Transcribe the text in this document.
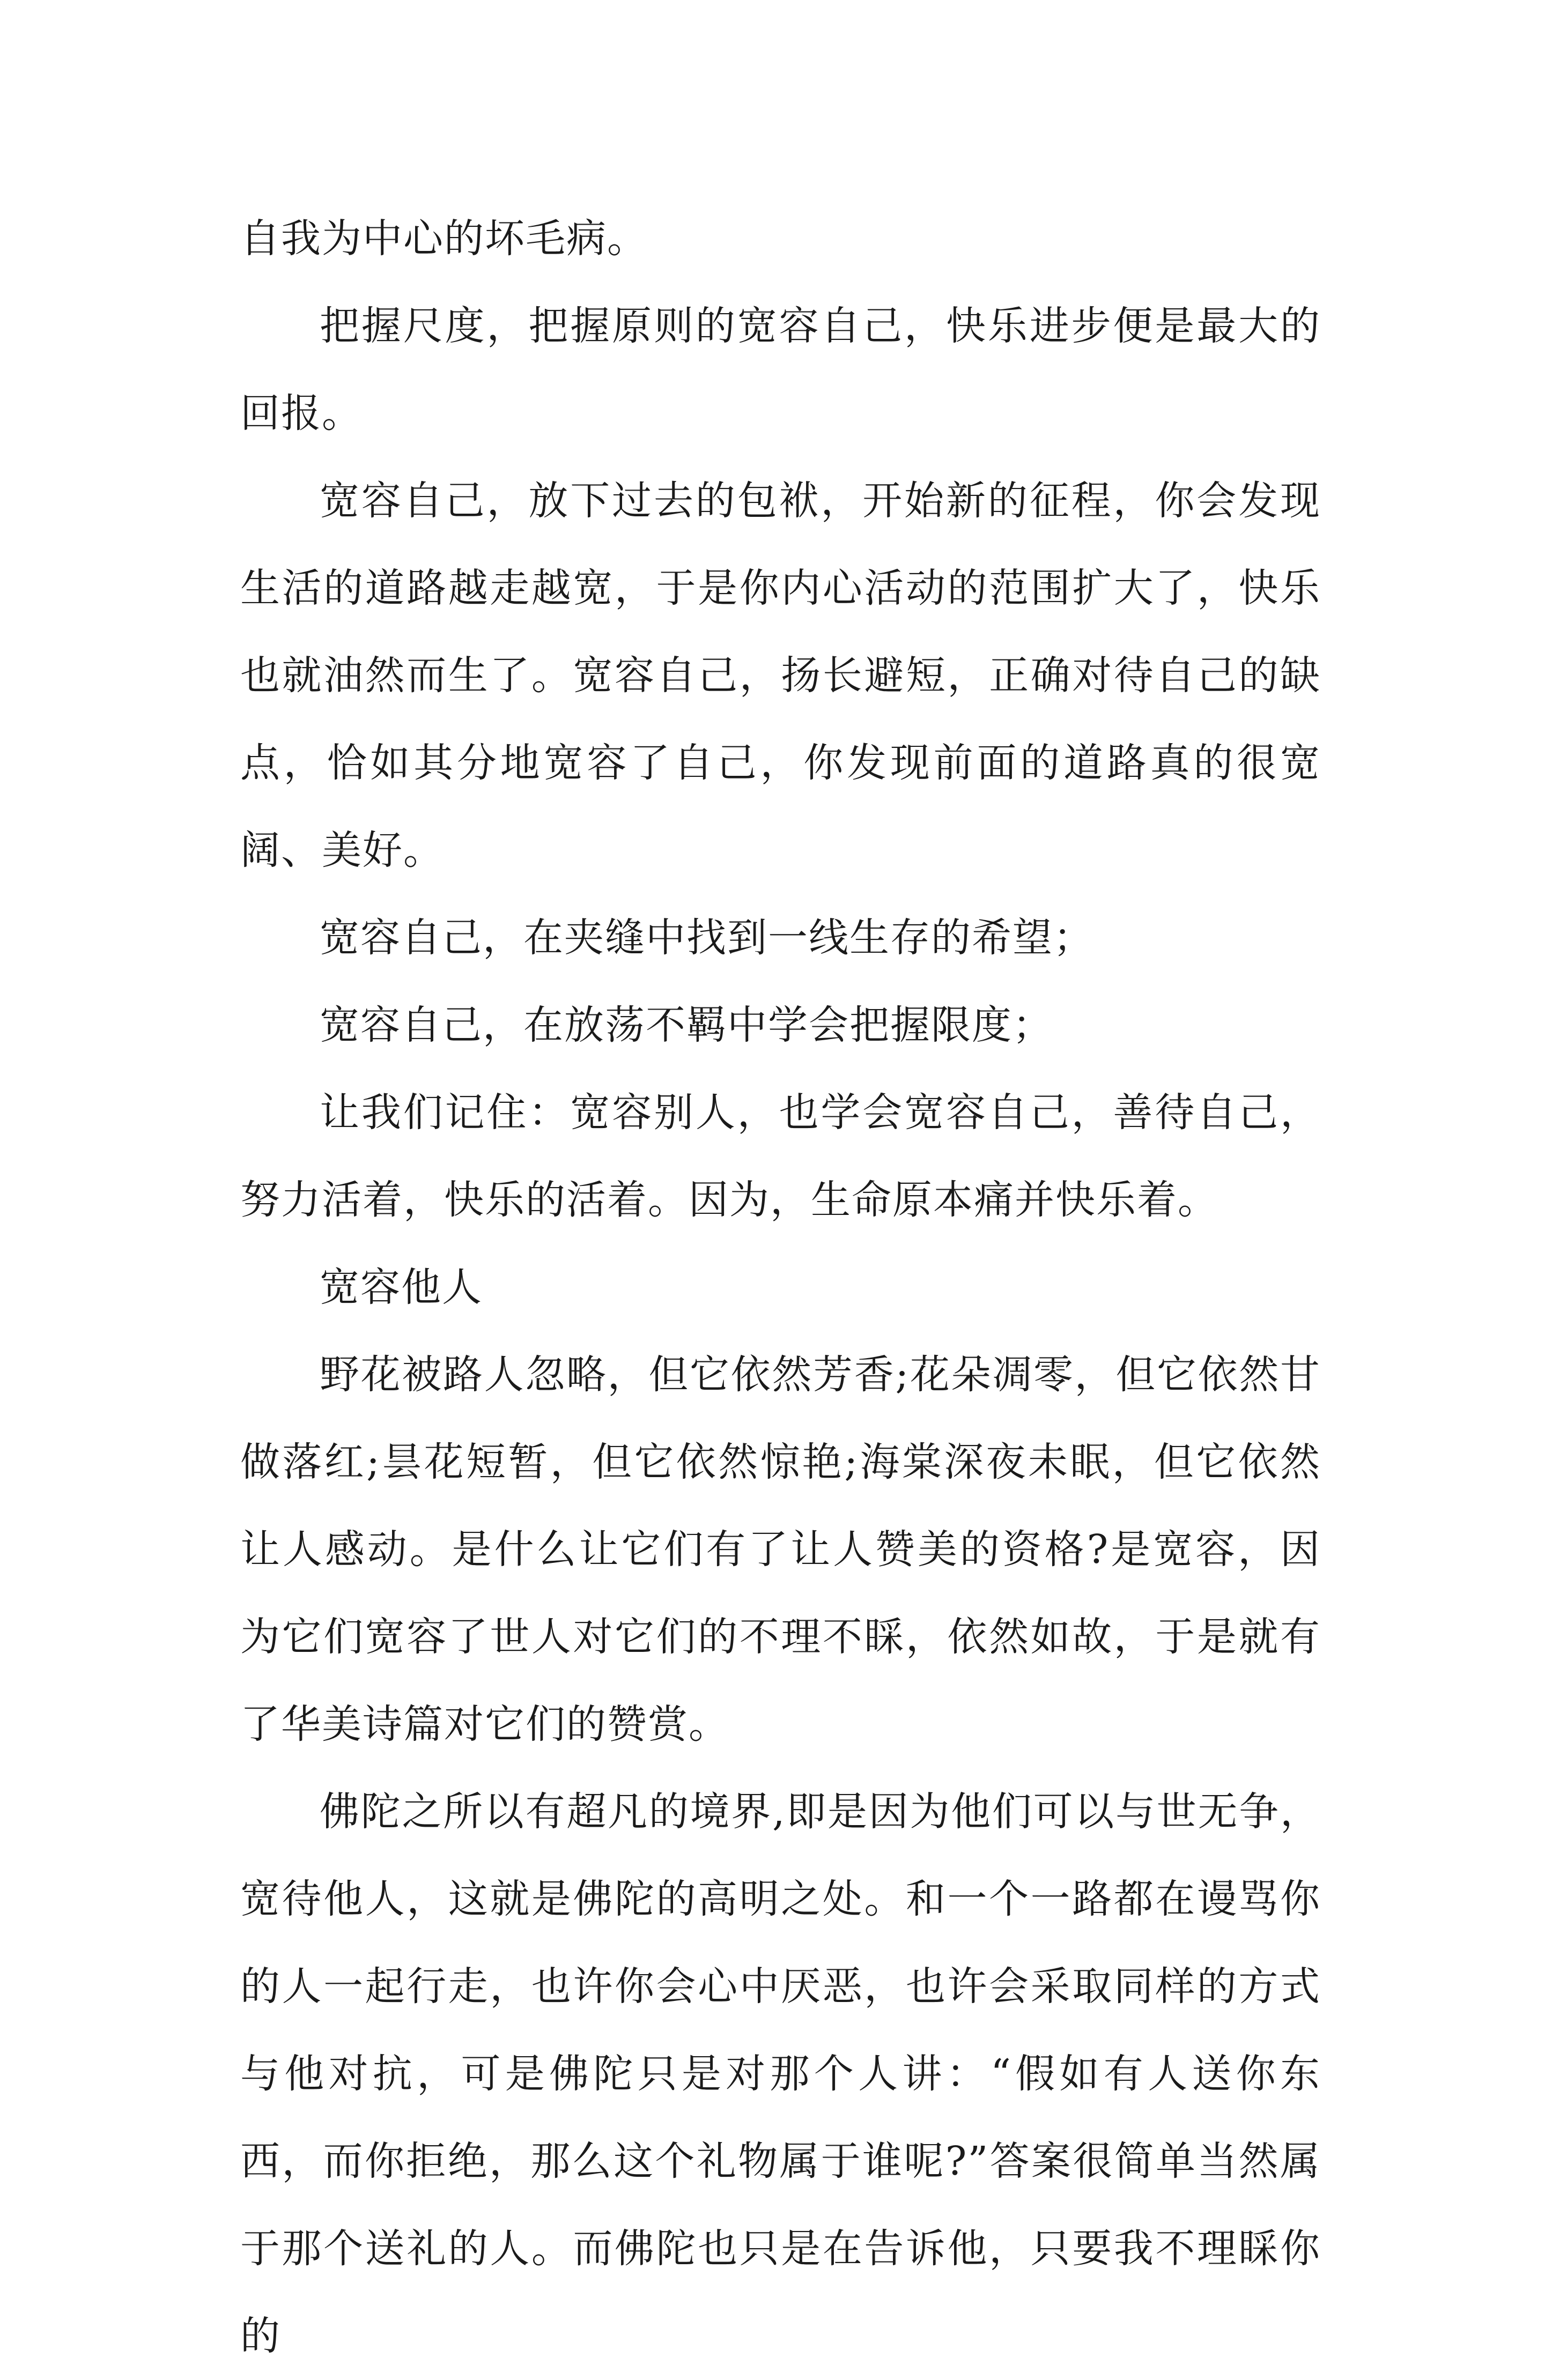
自我为中心的坏毛病。

把握尺度，把握原则的宽容自己，快乐进步便是最大的回报。

宽容自己，放下过去的包袱，开始新的征程，你会发现生活的道路越走越宽，于是你内心活动的范围扩大了，快乐也就油然而生了。宽容自己，扬长避短，正确对待自己的缺点，恰如其分地宽容了自己，你发现前面的道路真的很宽阔、美好。

宽容自己，在夹缝中找到一线生存的希望；

宽容自己，在放荡不羁中学会把握限度；

让我们记住：宽容别人，也学会宽容自己，善待自己，努力活着，快乐的活着。因为，生命原本痛并快乐着。

宽容他人

野花被路人忽略，但它依然芳香;花朵凋零，但它依然甘做落红;昙花短暂，但它依然惊艳;海棠深夜未眠，但它依然让人感动。是什么让它们有了让人赞美的资格?是宽容，因为它们宽容了世人对它们的不理不睬，依然如故，于是就有了华美诗篇对它们的赞赏。

佛陀之所以有超凡的境界,即是因为他们可以与世无争，宽待他人，这就是佛陀的高明之处。和一个一路都在谩骂你的人一起行走，也许你会心中厌恶，也许会采取同样的方式与他对抗，可是佛陀只是对那个人讲：“假如有人送你东西，而你拒绝，那么这个礼物属于谁呢?”答案很简单当然属于那个送礼的人。而佛陀也只是在告诉他，只要我不理睬你的
